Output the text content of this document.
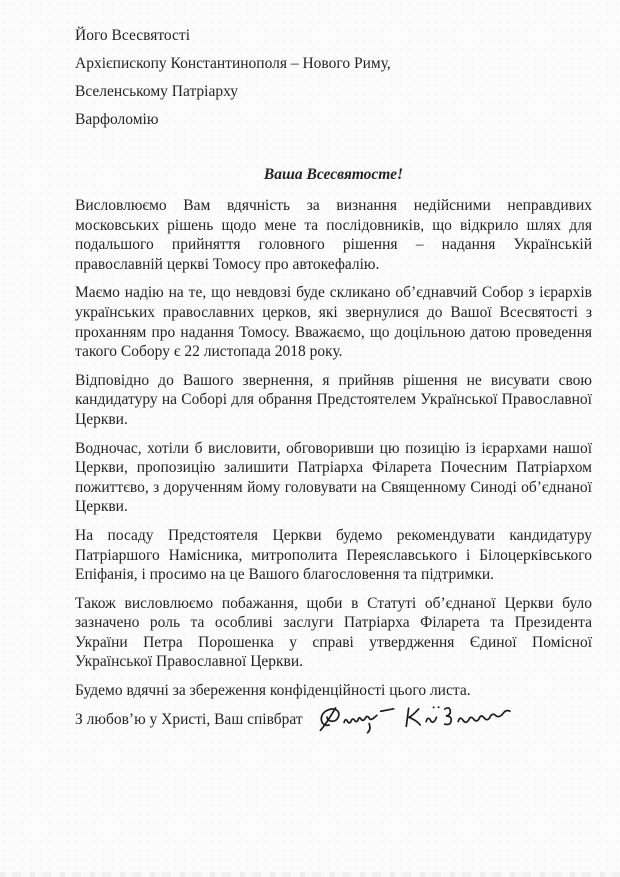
Його Всесвятості
Архієпископу Константинополя – Нового Риму,
Вселенському Патріарху
Варфоломію
Ваша Всесвятосте!

Висловлюємо Вам вдячність за визнання недійсними неправдивих московських рішень щодо мене та послідовників, що відкрило шлях для подальшого прийняття головного рішення – надання Українській православній церкві Томосу про автокефалію.

Маємо надію на те, що невдовзі буде скликано об’єднавчий Собор з ієрархів українських православних церков, які звернулися до Вашої Всесвятості з проханням про надання Томосу. Вважаємо, що доцільною датою проведення такого Собору є 22 листопада 2018 року.

Відповідно до Вашого звернення, я прийняв рішення не висувати свою кандидатуру на Соборі для обрання Предстоятелем Української Православної Церкви.

Водночас, хотіли б висловити, обговоривши цю позицію із ієрархами нашої Церкви, пропозицію залишити Патріарха Філарета Почесним Патріархом пожиттєво, з дорученням йому головувати на Священному Синоді об’єднаної Церкви.

На посаду Предстоятеля Церкви будемо рекомендувати кандидатуру Патріаршого Намісника, митрополита Переяславського і Білоцерківського Епіфанія, і просимо на це Вашого благословення та підтримки.

Також висловлюємо побажання, щоби в Статуті об’єднаної Церкви було зазначено роль та особливі заслуги Патріарха Філарета та Президента України Петра Порошенка у справі утвердження Єдиної Помісної Української Православної Церкви.

Будемо вдячні за збереження конфіденційності цього листа.

З любов’ю у Христі, Ваш співбрат
